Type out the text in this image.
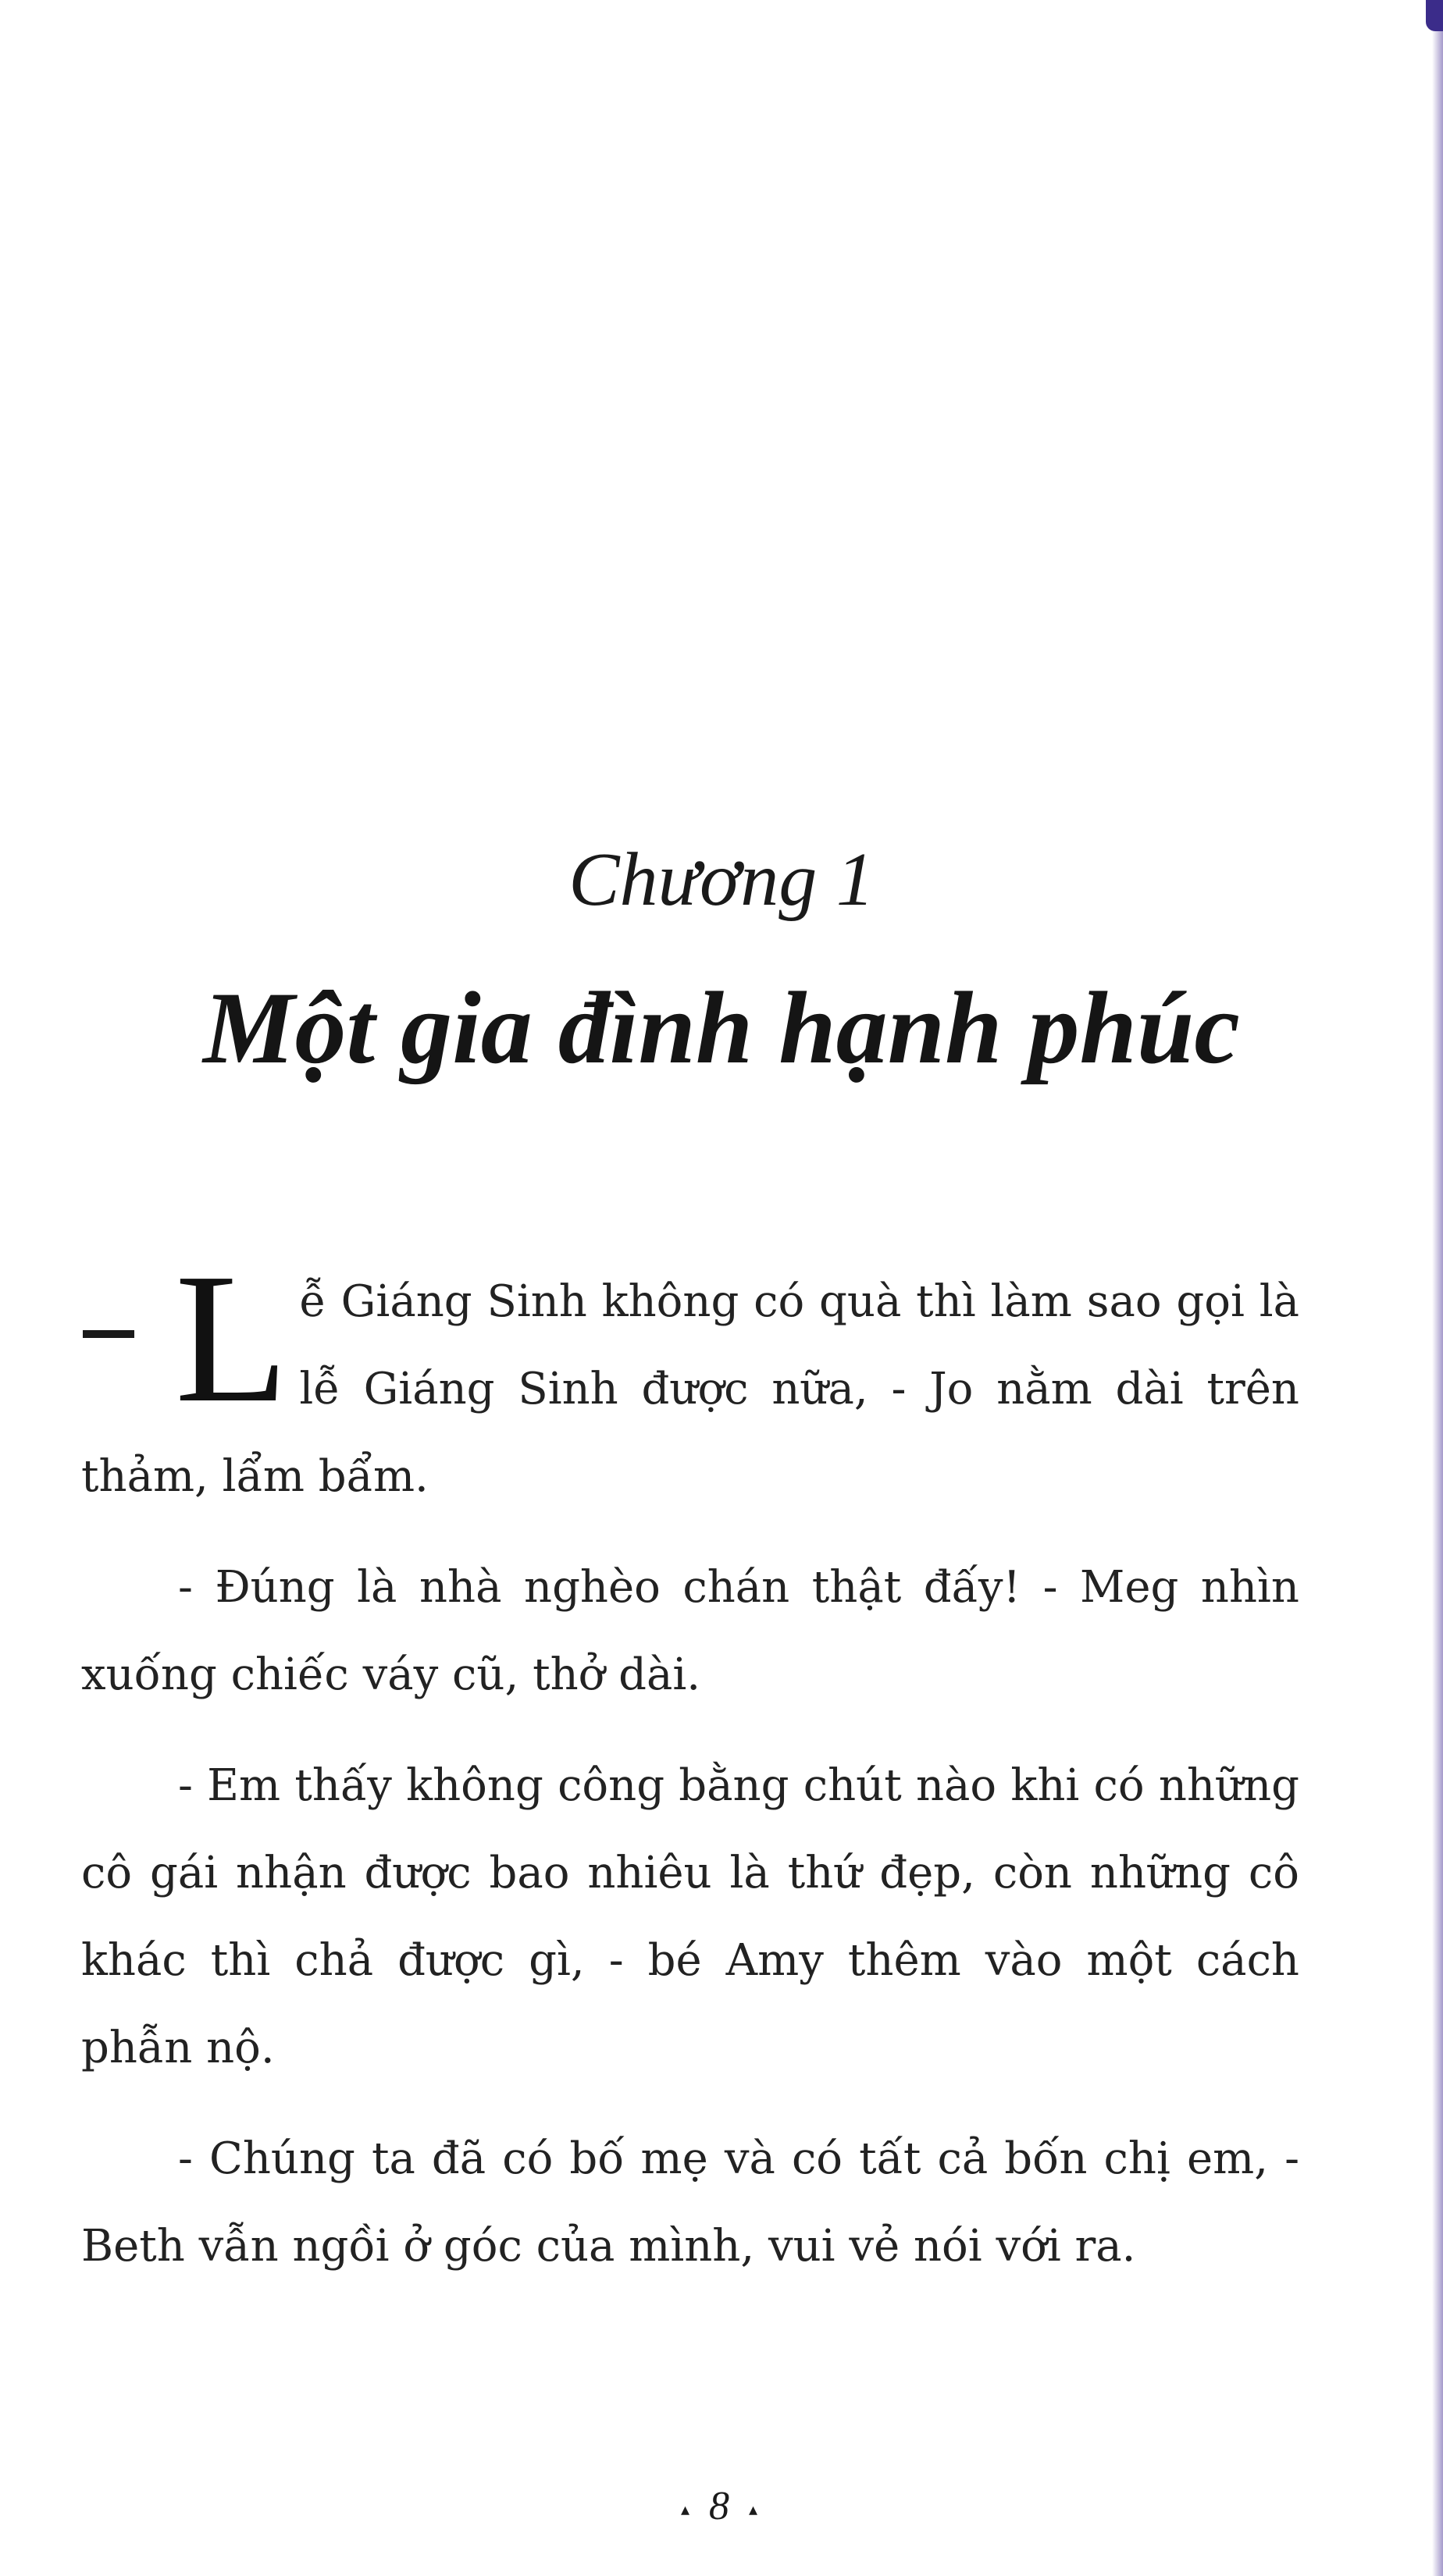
Chương 1
Một gia đình hạnh phúc

L ễ Giáng Sinh không có quà thì làm sao gọi là lễ Giáng Sinh được nữa, - Jo nằm dài trên thảm, lẩm bẩm.

- Đúng là nhà nghèo chán thật đấy! - Meg nhìn xuống chiếc váy cũ, thở dài.

- Em thấy không công bằng chút nào khi có những cô gái nhận được bao nhiêu là thứ đẹp, còn những cô khác thì chả được gì, - bé Amy thêm vào một cách phẫn nộ.

- Chúng ta đã có bố mẹ và có tất cả bốn chị em, - Beth vẫn ngồi ở góc của mình, vui vẻ nói với ra.

▴ 8 ▴
